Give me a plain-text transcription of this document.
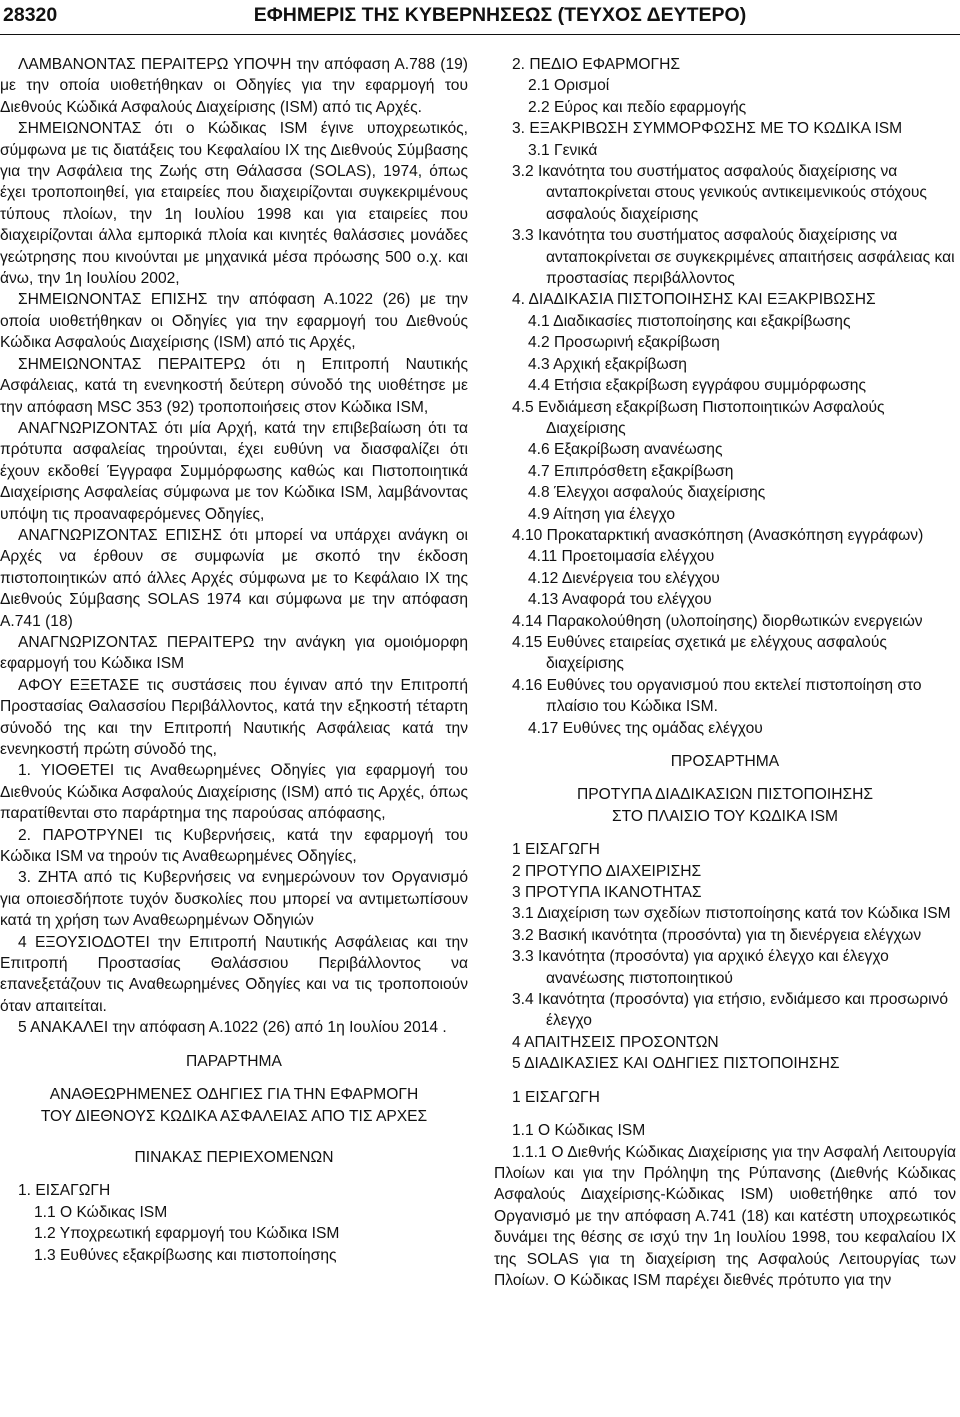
28320	ΕΦΗΜΕΡΙΣ ΤΗΣ ΚΥΒΕΡΝΗΣΕΩΣ (ΤΕΥΧΟΣ ΔΕΥΤΕΡΟ)

ΛΑΜΒΑΝΟΝΤΑΣ ΠΕΡΑΙΤΕΡΩ ΥΠΟΨΗ την απόφαση Α.788 (19) με την οποία υιοθετήθηκαν οι Οδηγίες για την εφαρμογή του Διεθνούς Κώδικά Ασφαλούς Διαχείρισης (ISM) από τις Αρχές.

ΣΗΜΕΙΩΝΟΝΤΑΣ ότι ο Κώδικας ISM έγινε υποχρεωτικός, σύμφωνα με τις διατάξεις του Κεφαλαίου IX της Διεθνούς Σύμβασης για την Ασφάλεια της Ζωής στη Θάλασσα (SOLAS), 1974, όπως έχει τροποποιηθεί, για εταιρείες που διαχειρίζονται συγκεκριμένους τύπους πλοίων, την 1η Ιουλίου 1998 και για εταιρείες που διαχειρίζονται άλλα εμπορικά πλοία και κινητές θαλάσσιες μονάδες γεώτρησης που κινούνται με μηχανικά μέσα πρόωσης 500 ο.χ. και άνω, την 1η Ιουλίου 2002,

ΣΗΜΕΙΩΝΟΝΤΑΣ ΕΠΙΣΗΣ την απόφαση Α.1022 (26) με την οποία υιοθετήθηκαν οι Οδηγίες για την εφαρμογή του Διεθνούς Κώδικα Ασφαλούς Διαχείρισης (ISM) από τις Αρχές,

ΣΗΜΕΙΩΝΟΝΤΑΣ ΠΕΡΑΙΤΕΡΩ ότι η Επιτροπή Ναυτικής Ασφάλειας, κατά τη ενενηκοστή δεύτερη σύνοδό της υιοθέτησε με την απόφαση MSC 353 (92) τροποποιήσεις στον Κώδικα ISM,

ΑΝΑΓΝΩΡΙΖΟΝΤΑΣ ότι μία Αρχή, κατά την επιβεβαίωση ότι τα πρότυπα ασφαλείας τηρούνται, έχει ευθύνη να διασφαλίζει ότι έχουν εκδοθεί Έγγραφα Συμμόρφωσης καθώς και Πιστοποιητικά Διαχείρισης Ασφαλείας σύμφωνα με τον Κώδικα ISM, λαμβάνοντας υπόψη τις προαναφερόμενες Οδηγίες,

ΑΝΑΓΝΩΡΙΖΟΝΤΑΣ ΕΠΙΣΗΣ ότι μπορεί να υπάρχει ανάγκη οι Αρχές να έρθουν σε συμφωνία με σκοπό την έκδοση πιστοποιητικών από άλλες Αρχές σύμφωνα με το Κεφάλαιο IX της Διεθνούς Σύμβασης SOLAS 1974 και σύμφωνα με την απόφαση Α.741 (18)

ΑΝΑΓΝΩΡΙΖΟΝΤΑΣ ΠΕΡΑΙΤΕΡΩ την ανάγκη για ομοιόμορφη εφαρμογή του Κώδικα ISM

ΑΦΟΥ ΕΞΕΤΑΣΕ τις συστάσεις που έγιναν από την Επιτροπή Προστασίας Θαλασσίου Περιβάλλοντος, κατά την εξηκοστή τέταρτη σύνοδό της και την Επιτροπή Ναυτικής Ασφάλειας κατά την ενενηκοστή πρώτη σύνοδό της,

1. ΥΙΟΘΕΤΕΙ τις Αναθεωρημένες Οδηγίες για εφαρμογή του Διεθνούς Κώδικα Ασφαλούς Διαχείρισης (ISM) από τις Αρχές, όπως παρατίθενται στο παράρτημα της παρούσας απόφασης,

2. ΠΑΡΟΤΡΥΝΕΙ τις Κυβερνήσεις, κατά την εφαρμογή του Κώδικα ISM να τηρούν τις Αναθεωρημένες Οδηγίες,

3. ΖΗΤΑ από τις Κυβερνήσεις να ενημερώνουν τον Οργανισμό για οποιεσδήποτε τυχόν δυσκολίες που μπορεί να αντιμετωπίσουν κατά τη χρήση των Αναθεωρημένων Οδηγιών

4 ΕΞΟΥΣΙΟΔΟΤΕΙ την Επιτροπή Ναυτικής Ασφάλειας και την Επιτροπή Προστασίας Θαλάσσιου Περιβάλλοντος να επανεξετάζουν τις Αναθεωρημένες Οδηγίες και να τις τροποποιούν όταν απαιτείται.

5 ΑΝΑΚΑΛΕΙ την απόφαση Α.1022 (26) από 1η Ιουλίου 2014 .

ΠΑΡΑΡΤΗΜΑ

ΑΝΑΘΕΩΡΗΜΕΝΕΣ ΟΔΗΓΙΕΣ ΓΙΑ ΤΗΝ ΕΦΑΡΜΟΓΗ

ΤΟΥ ΔΙΕΘΝΟΥΣ ΚΩΔΙΚΑ ΑΣΦΑΛΕΙΑΣ ΑΠΟ ΤΙΣ ΑΡΧΕΣ

ΠΙΝΑΚΑΣ ΠΕΡΙΕΧΟΜΕΝΩΝ

1. ΕΙΣΑΓΩΓΗ

1.1 Ο Κώδικας ISM

1.2 Υποχρεωτική εφαρμογή του Κώδικα ISM

1.3 Ευθύνες εξακρίβωσης και πιστοποίησης

2. ΠΕΔΙΟ ΕΦΑΡΜΟΓΗΣ

2.1 Ορισμοί

2.2 Εύρος και πεδίο εφαρμογής

3. ΕΞΑΚΡΙΒΩΣΗ ΣΥΜΜΟΡΦΩΣΗΣ ΜΕ ΤΟ ΚΩΔΙΚΑ ISM

3.1 Γενικά

3.2 Ικανότητα του συστήματος ασφαλούς διαχείρισης να ανταποκρίνεται στους γενικούς αντικειμενικούς στόχους ασφαλούς διαχείρισης

3.3 Ικανότητα του συστήματος ασφαλούς διαχείρισης να ανταποκρίνεται σε συγκεκριμένες απαιτήσεις ασφάλειας και προστασίας περιβάλλοντος

4. ΔΙΑΔΙΚΑΣΙΑ ΠΙΣΤΟΠΟΙΗΣΗΣ ΚΑΙ ΕΞΑΚΡΙΒΩΣΗΣ

4.1 Διαδικασίες πιστοποίησης και εξακρίβωσης

4.2 Προσωρινή εξακρίβωση

4.3 Αρχική εξακρίβωση

4.4 Ετήσια εξακρίβωση εγγράφου συμμόρφωσης

4.5 Ενδιάμεση εξακρίβωση Πιστοποιητικών Ασφαλούς Διαχείρισης

4.6 Εξακρίβωση ανανέωσης

4.7 Επιπρόσθετη εξακρίβωση

4.8 Έλεγχοι ασφαλούς διαχείρισης

4.9 Αίτηση για έλεγχο

4.10 Προκαταρκτική ανασκόπηση (Ανασκόπηση εγγράφων)

4.11 Προετοιμασία ελέγχου

4.12 Διενέργεια του ελέγχου

4.13 Αναφορά του ελέγχου

4.14 Παρακολούθηση (υλοποίησης) διορθωτικών ενεργειών

4.15 Ευθύνες εταιρείας σχετικά με ελέγχους ασφαλούς διαχείρισης

4.16 Ευθύνες του οργανισμού που εκτελεί πιστοποίηση στο πλαίσιο του Κώδικα ISM.

4.17 Ευθύνες της ομάδας ελέγχου

ΠΡΟΣΑΡΤΗΜΑ

ΠΡΟΤΥΠΑ ΔΙΑΔΙΚΑΣΙΩΝ ΠΙΣΤΟΠΟΙΗΣΗΣ

ΣΤΟ ΠΛΑΙΣΙΟ ΤΟΥ ΚΩΔΙΚΑ ISM

1 ΕΙΣΑΓΩΓΗ

2 ΠΡΟΤΥΠΟ ΔΙΑΧΕΙΡΙΣΗΣ

3 ΠΡΟΤΥΠΑ ΙΚΑΝΟΤΗΤΑΣ

3.1 Διαχείριση των σχεδίων πιστοποίησης κατά τον Κώδικα ISM

3.2 Βασική ικανότητα (προσόντα) για τη διενέργεια ελέγχων

3.3 Ικανότητα (προσόντα) για αρχικό έλεγχο και έλεγχο ανανέωσης πιστοποιητικού

3.4 Ικανότητα (προσόντα) για ετήσιο, ενδιάμεσο και προσωρινό έλεγχο

4 ΑΠΑΙΤΗΣΕΙΣ ΠΡΟΣΟΝΤΩΝ

5 ΔΙΑΔΙΚΑΣΙΕΣ ΚΑΙ ΟΔΗΓΙΕΣ ΠΙΣΤΟΠΟΙΗΣΗΣ

1 ΕΙΣΑΓΩΓΗ

1.1 Ο Κώδικας ISM

1.1.1 Ο Διεθνής Κώδικας Διαχείρισης για την Ασφαλή Λειτουργία Πλοίων και για την Πρόληψη της Ρύπανσης (Διεθνής Κώδικας Ασφαλούς Διαχείρισης-Κώδικας ISM) υιοθετήθηκε από τον Οργανισμό με την απόφαση Α.741 (18) και κατέστη υποχρεωτικός δυνάμει της θέσης σε ισχύ την 1η Ιουλίου 1998, του κεφαλαίου IX της SOLAS για τη διαχείριση της Ασφαλούς Λειτουργίας των Πλοίων. Ο Κώδικας ISM παρέχει διεθνές πρότυπο για την
